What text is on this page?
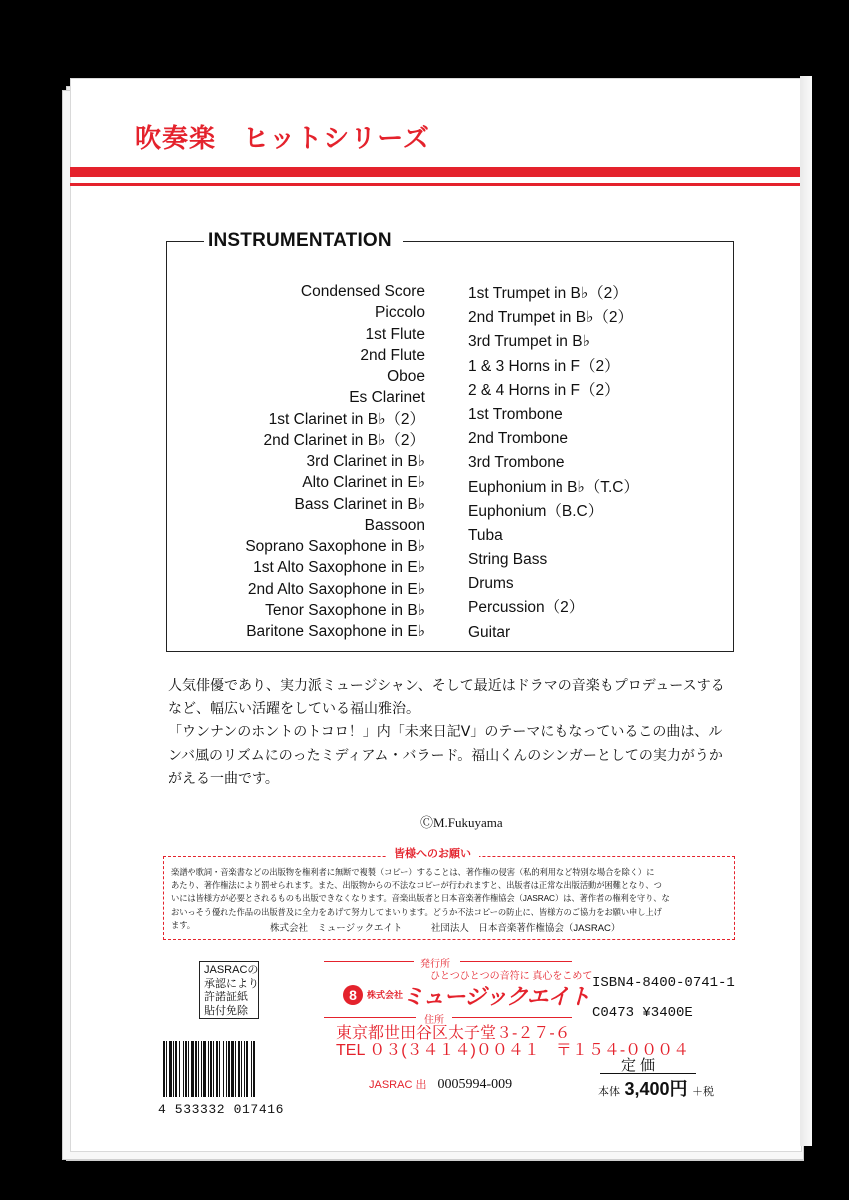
吹奏楽　ヒットシリーズ
INSTRUMENTATION
Condensed Score
Piccolo
1st Flute
2nd Flute
Oboe
Es Clarinet
1st Clarinet in B♭（2）
2nd Clarinet in B♭（2）
3rd Clarinet in B♭
Alto Clarinet in E♭
Bass Clarinet in B♭
Bassoon
Soprano Saxophone in B♭
1st Alto Saxophone in E♭
2nd Alto Saxophone in E♭
Tenor Saxophone in B♭
Baritone Saxophone in E♭
1st Trumpet in B♭（2）
2nd Trumpet in B♭（2）
3rd Trumpet in B♭
1 & 3 Horns in F（2）
2 & 4 Horns in F（2）
1st Trombone
2nd Trombone
3rd Trombone
Euphonium in B♭（T.C）
Euphonium（B.C）
Tuba
String Bass
Drums
Percussion（2）
Guitar

人気俳優であり、実力派ミュージシャン、そして最近はドラマの音楽もプロデュースする

など、幅広い活躍をしている福山雅治。

「ウンナンのホントのトコロ！」内「未来日記Ⅴ」のテーマにもなっているこの曲は、ル

ンバ風のリズムにのったミディアム・バラード。福山くんのシンガーとしての実力がうか

がえる一曲です。

ⒸM.Fukuyama
皆様へのお願い

楽譜や歌詞・音楽書などの出版物を権利者に無断で複製（コピー）することは、著作権の侵害（私的利用など特別な場合を除く）に

あたり、著作権法により罰せられます。また、出版物からの不法なコピーが行われますと、出版者は正常な出版活動が困難となり、つ

いには皆様方が必要とされるものも出版できなくなります。音楽出版者と日本音楽著作権協会（JASRAC）は、著作者の権利を守り、な

おいっそう優れた作品の出版普及に全力をあげて努力してまいります。どうか不法コピーの防止に、皆様方のご協力をお願い申し上げ

ます。	株式会社　ミュージックエイト　　　社団法人　日本音楽著作権協会（JASRAC）
JASRACの
承認により
許諾証紙
貼付免除
発行所
ひとつひとつの音符に 真心をこめて
8	株式会社
ミュージックエイト
住所
東京都世田谷区太子堂３-２７-６
TEL ０３(３４１４)００４１　〒１５４-０００４
ISBN4-8400-0741-1
C0473 ¥3400E
4 533332 017416
JASRAC 出　 0005994-009
定価
本体 3,400円 ＋税
